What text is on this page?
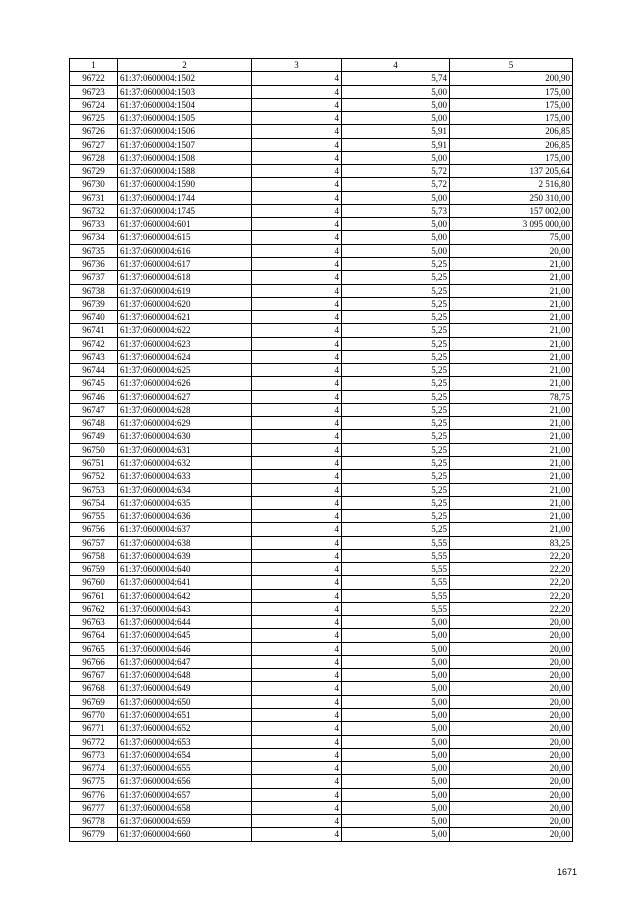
1	2	3	4	5
96722	61:37:0600004:1502	4	5,74	200,90
96723	61:37:0600004:1503	4	5,00	175,00
96724	61:37:0600004:1504	4	5,00	175,00
96725	61:37:0600004:1505	4	5,00	175,00
96726	61:37:0600004:1506	4	5,91	206,85
96727	61:37:0600004:1507	4	5,91	206,85
96728	61:37:0600004:1508	4	5,00	175,00
96729	61:37:0600004:1588	4	5,72	137 205,64
96730	61:37:0600004:1590	4	5,72	2 516,80
96731	61:37:0600004:1744	4	5,00	250 310,00
96732	61:37:0600004:1745	4	5,73	157 002,00
96733	61:37:0600004:601	4	5,00	3 095 000,00
96734	61:37:0600004:615	4	5,00	75,00
96735	61:37:0600004:616	4	5,00	20,00
96736	61:37:0600004:617	4	5,25	21,00
96737	61:37:0600004:618	4	5,25	21,00
96738	61:37:0600004:619	4	5,25	21,00
96739	61:37:0600004:620	4	5,25	21,00
96740	61:37:0600004:621	4	5,25	21,00
96741	61:37:0600004:622	4	5,25	21,00
96742	61:37:0600004:623	4	5,25	21,00
96743	61:37:0600004:624	4	5,25	21,00
96744	61:37:0600004:625	4	5,25	21,00
96745	61:37:0600004:626	4	5,25	21,00
96746	61:37:0600004:627	4	5,25	78,75
96747	61:37:0600004:628	4	5,25	21,00
96748	61:37:0600004:629	4	5,25	21,00
96749	61:37:0600004:630	4	5,25	21,00
96750	61:37:0600004:631	4	5,25	21,00
96751	61:37:0600004:632	4	5,25	21,00
96752	61:37:0600004:633	4	5,25	21,00
96753	61:37:0600004:634	4	5,25	21,00
96754	61:37:0600004:635	4	5,25	21,00
96755	61:37:0600004:636	4	5,25	21,00
96756	61:37:0600004:637	4	5,25	21,00
96757	61:37:0600004:638	4	5,55	83,25
96758	61:37:0600004:639	4	5,55	22,20
96759	61:37:0600004:640	4	5,55	22,20
96760	61:37:0600004:641	4	5,55	22,20
96761	61:37:0600004:642	4	5,55	22,20
96762	61:37:0600004:643	4	5,55	22,20
96763	61:37:0600004:644	4	5,00	20,00
96764	61:37:0600004:645	4	5,00	20,00
96765	61:37:0600004:646	4	5,00	20,00
96766	61:37:0600004:647	4	5,00	20,00
96767	61:37:0600004:648	4	5,00	20,00
96768	61:37:0600004:649	4	5,00	20,00
96769	61:37:0600004:650	4	5,00	20,00
96770	61:37:0600004:651	4	5,00	20,00
96771	61:37:0600004:652	4	5,00	20,00
96772	61:37:0600004:653	4	5,00	20,00
96773	61:37:0600004:654	4	5,00	20,00
96774	61:37:0600004:655	4	5,00	20,00
96775	61:37:0600004:656	4	5,00	20,00
96776	61:37:0600004:657	4	5,00	20,00
96777	61:37:0600004:658	4	5,00	20,00
96778	61:37:0600004:659	4	5,00	20,00
96779	61:37:0600004:660	4	5,00	20,00
1671
